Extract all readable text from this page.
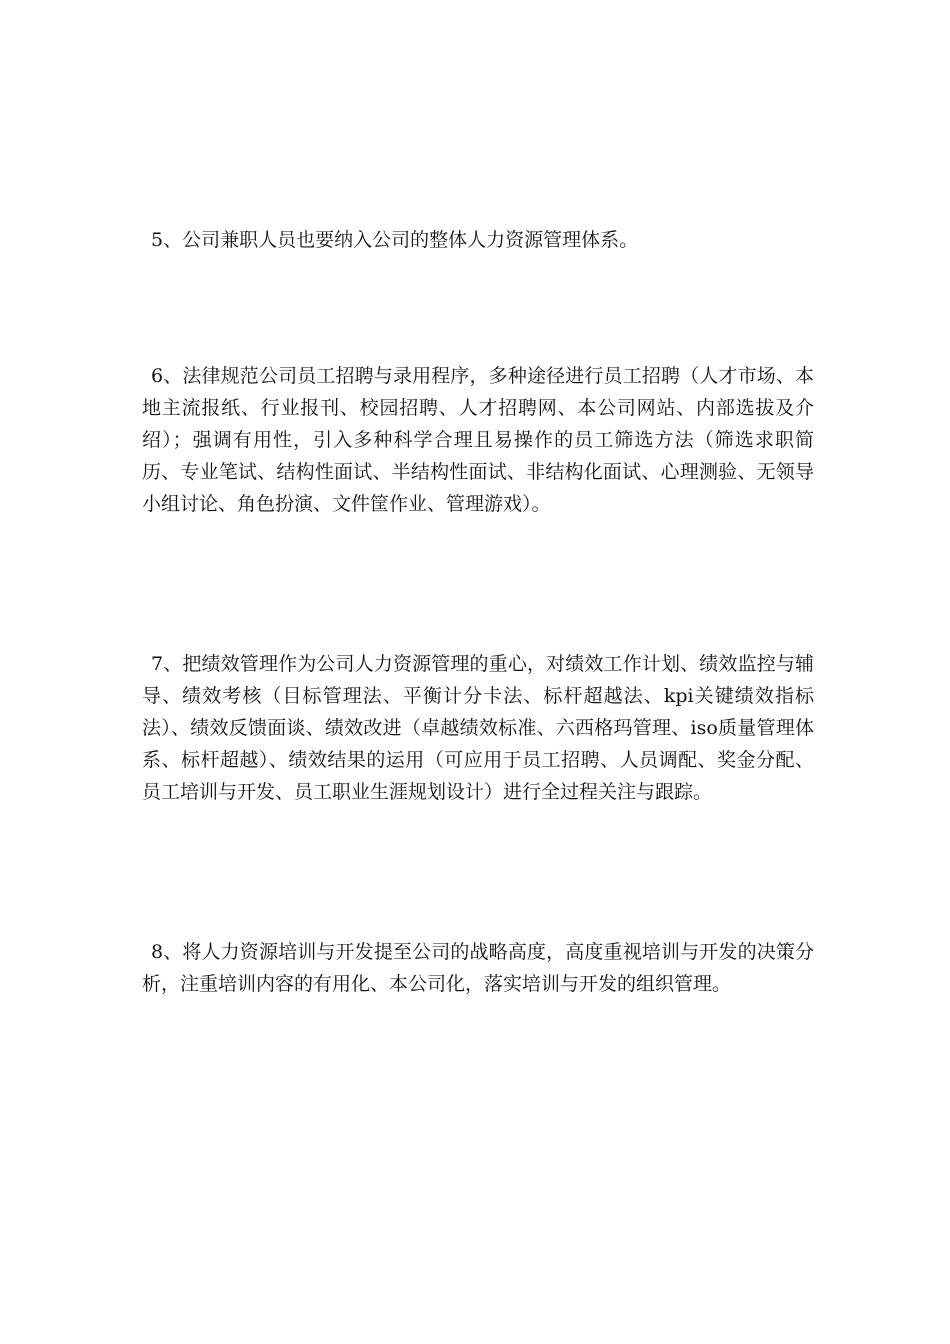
5、公司兼职人员也要纳入公司的整体人力资源管理体系。

6、法律规范公司员工招聘与录用程序，多种途径进行员工招聘（人才市场、本地主流报纸、行业报刊、校园招聘、人才招聘网、本公司网站、内部选拔及介绍）；强调有用性，引入多种科学合理且易操作的员工筛选方法（筛选求职简历、专业笔试、结构性面试、半结构性面试、非结构化面试、心理测验、无领导小组讨论、角色扮演、文件筐作业、管理游戏）。

7、把绩效管理作为公司人力资源管理的重心，对绩效工作计划、绩效监控与辅导、绩效考核（目标管理法、平衡计分卡法、标杆超越法、kpi关键绩效指标法）、绩效反馈面谈、绩效改进（卓越绩效标准、六西格玛管理、iso质量管理体系、标杆超越）、绩效结果的运用（可应用于员工招聘、人员调配、奖金分配、员工培训与开发、员工职业生涯规划设计）进行全过程关注与跟踪。

8、将人力资源培训与开发提至公司的战略高度，高度重视培训与开发的决策分析，注重培训内容的有用化、本公司化，落实培训与开发的组织管理。
